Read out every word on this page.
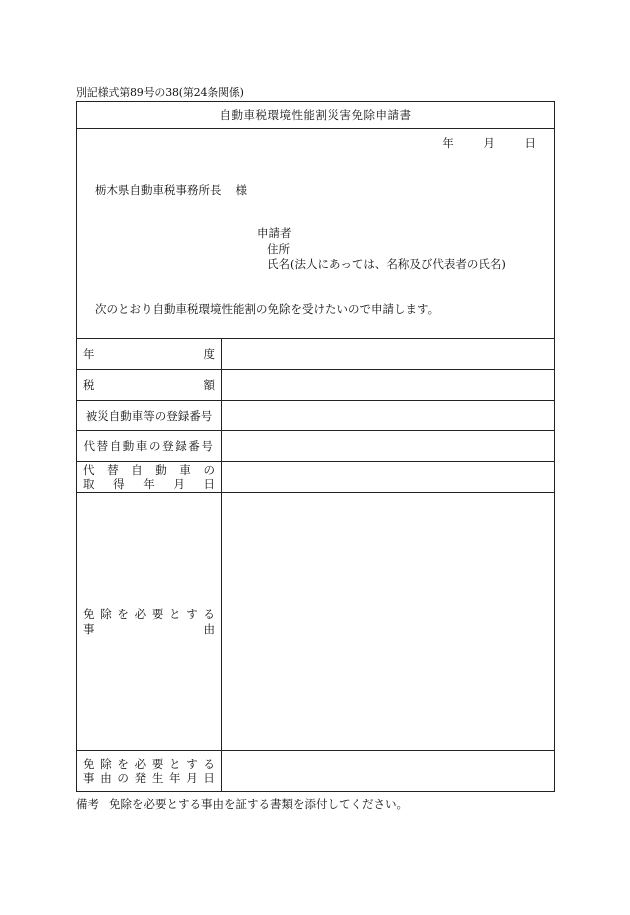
別記様式第89号の38(第24条関係)
自動車税環境性能割災害免除申請書
年	月	日
栃木県自動車税事務所長 様
申請者
住所
氏名(法人にあっては、名称及び代表者の氏名)
次のとおり自動車税環境性能割の免除を受けたいので申請します。
年	度
税	額
被災自動車等の登録番号
代替自動車の登録番号
代 替 自 動 車 の
取 得 年 月 日
免 除 を 必 要 と す る
事	由
免 除 を 必 要 と す る
事 由 の 発 生 年 月 日
備考 免除を必要とする事由を証する書類を添付してください。
